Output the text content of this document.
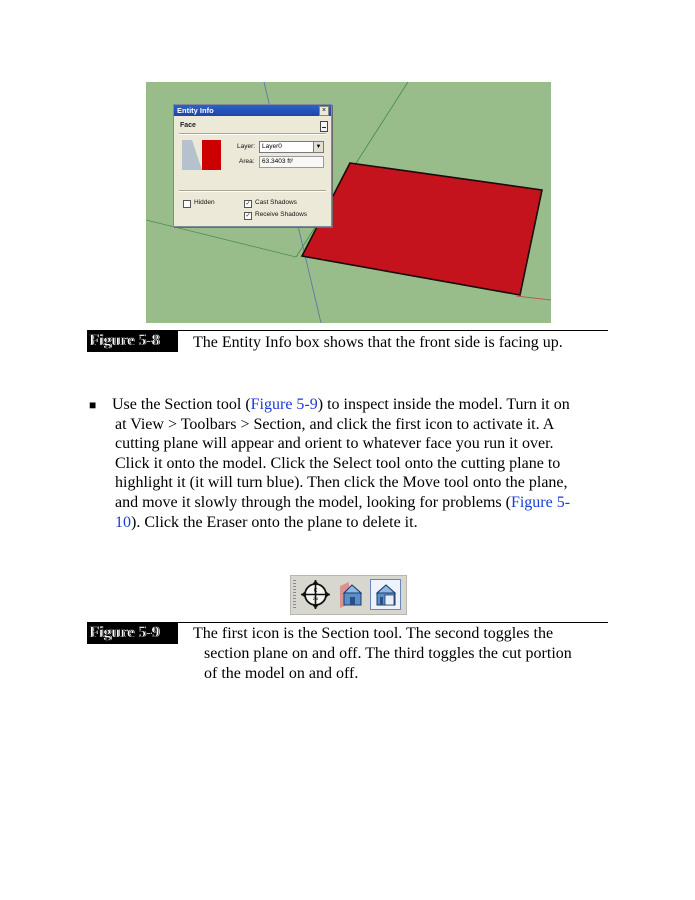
Entity Info	×
Face
Layer: Layer0	▼
Area: 63.3403 ft²
Hidden	✓ Cast Shadows
✓ Receive Shadows
Figure 5-8	The Entity Info box shows that the front side is facing up.
■ Use the Section tool (Figure 5-9) to inspect inside the model. Turn it on
at View > Toolbars > Section, and click the first icon to activate it. A
cutting plane will appear and orient to whatever face you run it over.
Click it onto the model. Click the Select tool onto the cutting plane to
highlight it (it will turn blue). Then click the Move tool onto the plane,
and move it slowly through the model, looking for problems (Figure 5-
10). Click the Eraser onto the plane to delete it.
C
2 6
Figure 5-9	The first icon is the Section tool. The second toggles the
section plane on and off. The third toggles the cut portion
of the model on and off.
